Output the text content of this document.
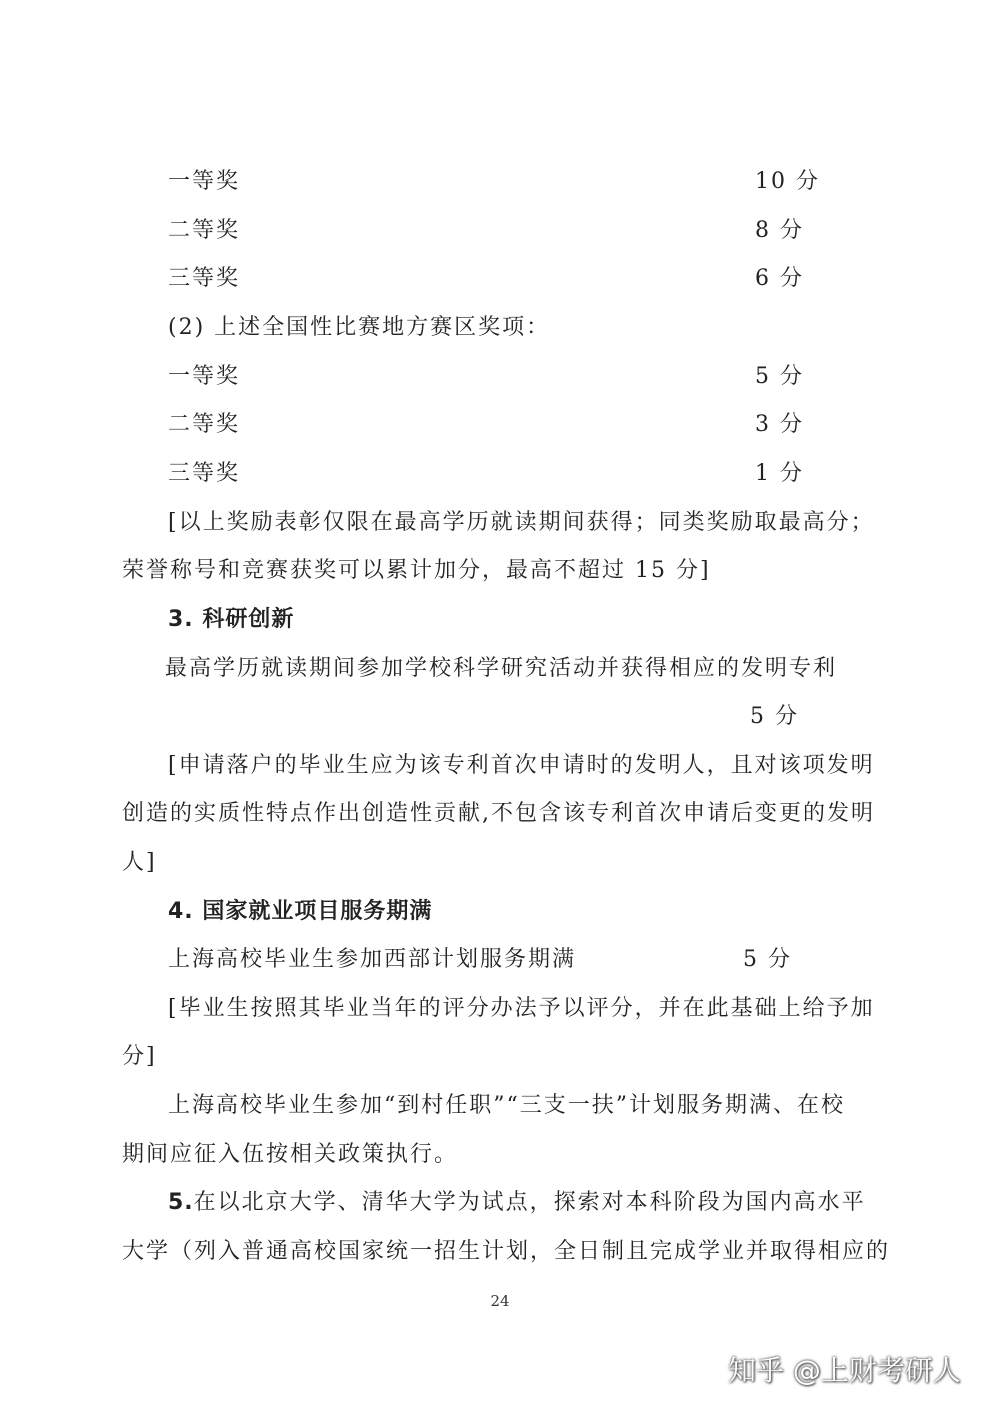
一等奖	10 分
二等奖	8 分
三等奖	6 分
(2) 上述全国性比赛地方赛区奖项：
一等奖	5 分
二等奖	3 分
三等奖	1 分
[以上奖励表彰仅限在最高学历就读期间获得；同类奖励取最高分；
荣誉称号和竞赛获奖可以累计加分，最高不超过 15 分]
3. 科研创新
最高学历就读期间参加学校科学研究活动并获得相应的发明专利
5 分
[申请落户的毕业生应为该专利首次申请时的发明人，且对该项发明
创造的实质性特点作出创造性贡献,不包含该专利首次申请后变更的发明
人]
4. 国家就业项目服务期满
上海高校毕业生参加西部计划服务期满	5 分
[毕业生按照其毕业当年的评分办法予以评分，并在此基础上给予加
分]
上海高校毕业生参加“到村任职”“三支一扶”计划服务期满、在校
期间应征入伍按相关政策执行。
5.在以北京大学、清华大学为试点，探索对本科阶段为国内高水平
大学（列入普通高校国家统一招生计划，全日制且完成学业并取得相应的
24
知乎 @上财考研人
